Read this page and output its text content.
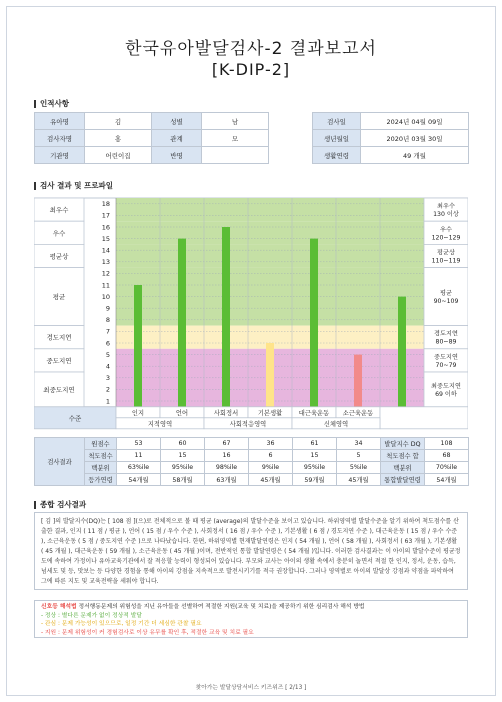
한국유아발달검사-2 결과보고서
[K-DIP-2]
인적사항
유아명	김	성별	남
검사자명	홍	관계	모
기관명	어린이집	반명	
검사일	2024년 04월 09일
생년월일	2020년 03월 30일
생활연령	49 개월
검사 결과 및 프로파일
최우수	최우수
130 이상
우수	우수
120~129
평균상	평균상
110~119
평균	평균
90~109
경도지연	경도지연
80~89
중도지연	중도지연
70~79
최중도지연	최중도지연
69 이하
1
2
3
4
5
6
7
8
9
10
11
12
13
14
15
16
17
18
수준
인지	언어	사회정서	기본생활	대근육운동 소근육운동
지적영역	사회적응영역	신체영역
검사결과	원점수	53	60	67	36	61	34	발달지수 DQ	108
	척도점수	11	15	16	6	15	5	척도점수 합	68
	백분위	63%ile	95%ile	98%ile	9%ile	95%ile	5%ile	백분위	70%ile
	등가연령	54개월	58개월	63개월	45개월	59개월	45개월	통합발달연령	54개월
종합 검사결과
[ 김 ]의 발달지수(DQ)는 [ 108 점 ](으)로 전체적으로 볼 때 평균 (average)의 발달수준을 보이고 있습니다. 하위영역별 발달수준을 알기 위하여 척도점수를 산출한 결과, 인지 ( 11 점 / 평균 ), 언어 ( 15 점 / 우수 수준 ), 사회정서 ( 16 점 / 우수 수준 ), 기본생활 ( 6 점 / 경도지연 수준 ), 대근육운동 ( 15 점 / 우수 수준 ), 소근육운동 ( 5 점 / 중도지연 수준 )으로 나타났습니다. 한편, 하위영역별 현재발달연령은 인지 ( 54 개월 ), 언어 ( 58 개월 ), 사회정서 ( 63 개월 ), 기본생활 ( 45 개월 ), 대근육운동 ( 59 개월 ), 소근육운동 ( 45 개월 )이며, 전반적인 통합 발달연령은 ( 54 개월 )입니다. 이러한 검사결과는 이 아이의 발달수준이 평균정도에 속하여 가정이나 유아교육기관에서 잘 적응할 능력이 형성되어 있습니다. 부모와 교사는 아이의 생활 속에서 충분히 놀면서 적절 한 인지, 정서, 운동, 습득, 넘세도 및 등, 맛보는 등 다양한 경험을 통해 아이의 강점을 지속적으로 발전시키기를 적극 권장합니다. 그러나 영역별로 아이의 발달상 강점과 약점을 파악하여 그에 따른 지도 및 교육전략을 세워야 합니다.
신호등 해석법 정서행동문제의 위험성을 지닌 유아들을 선별하여 적절한 지원(교육 및 치료)을 제공하기 위한 심리검사 해석 방법
- 정상 : 별다른 문제가 없이 정상적 발달
- 관심 : 문제 가능성이 있으므로, 일정 기간 더 세심한 관찰 필요
- 지원 : 문제 위험성이 커 경험검사로 이상 유무를 확인 후, 적절한 교육 및 치료 필요
찾아가는 발달상담서비스 키즈위즈 [ 2/13 ]
